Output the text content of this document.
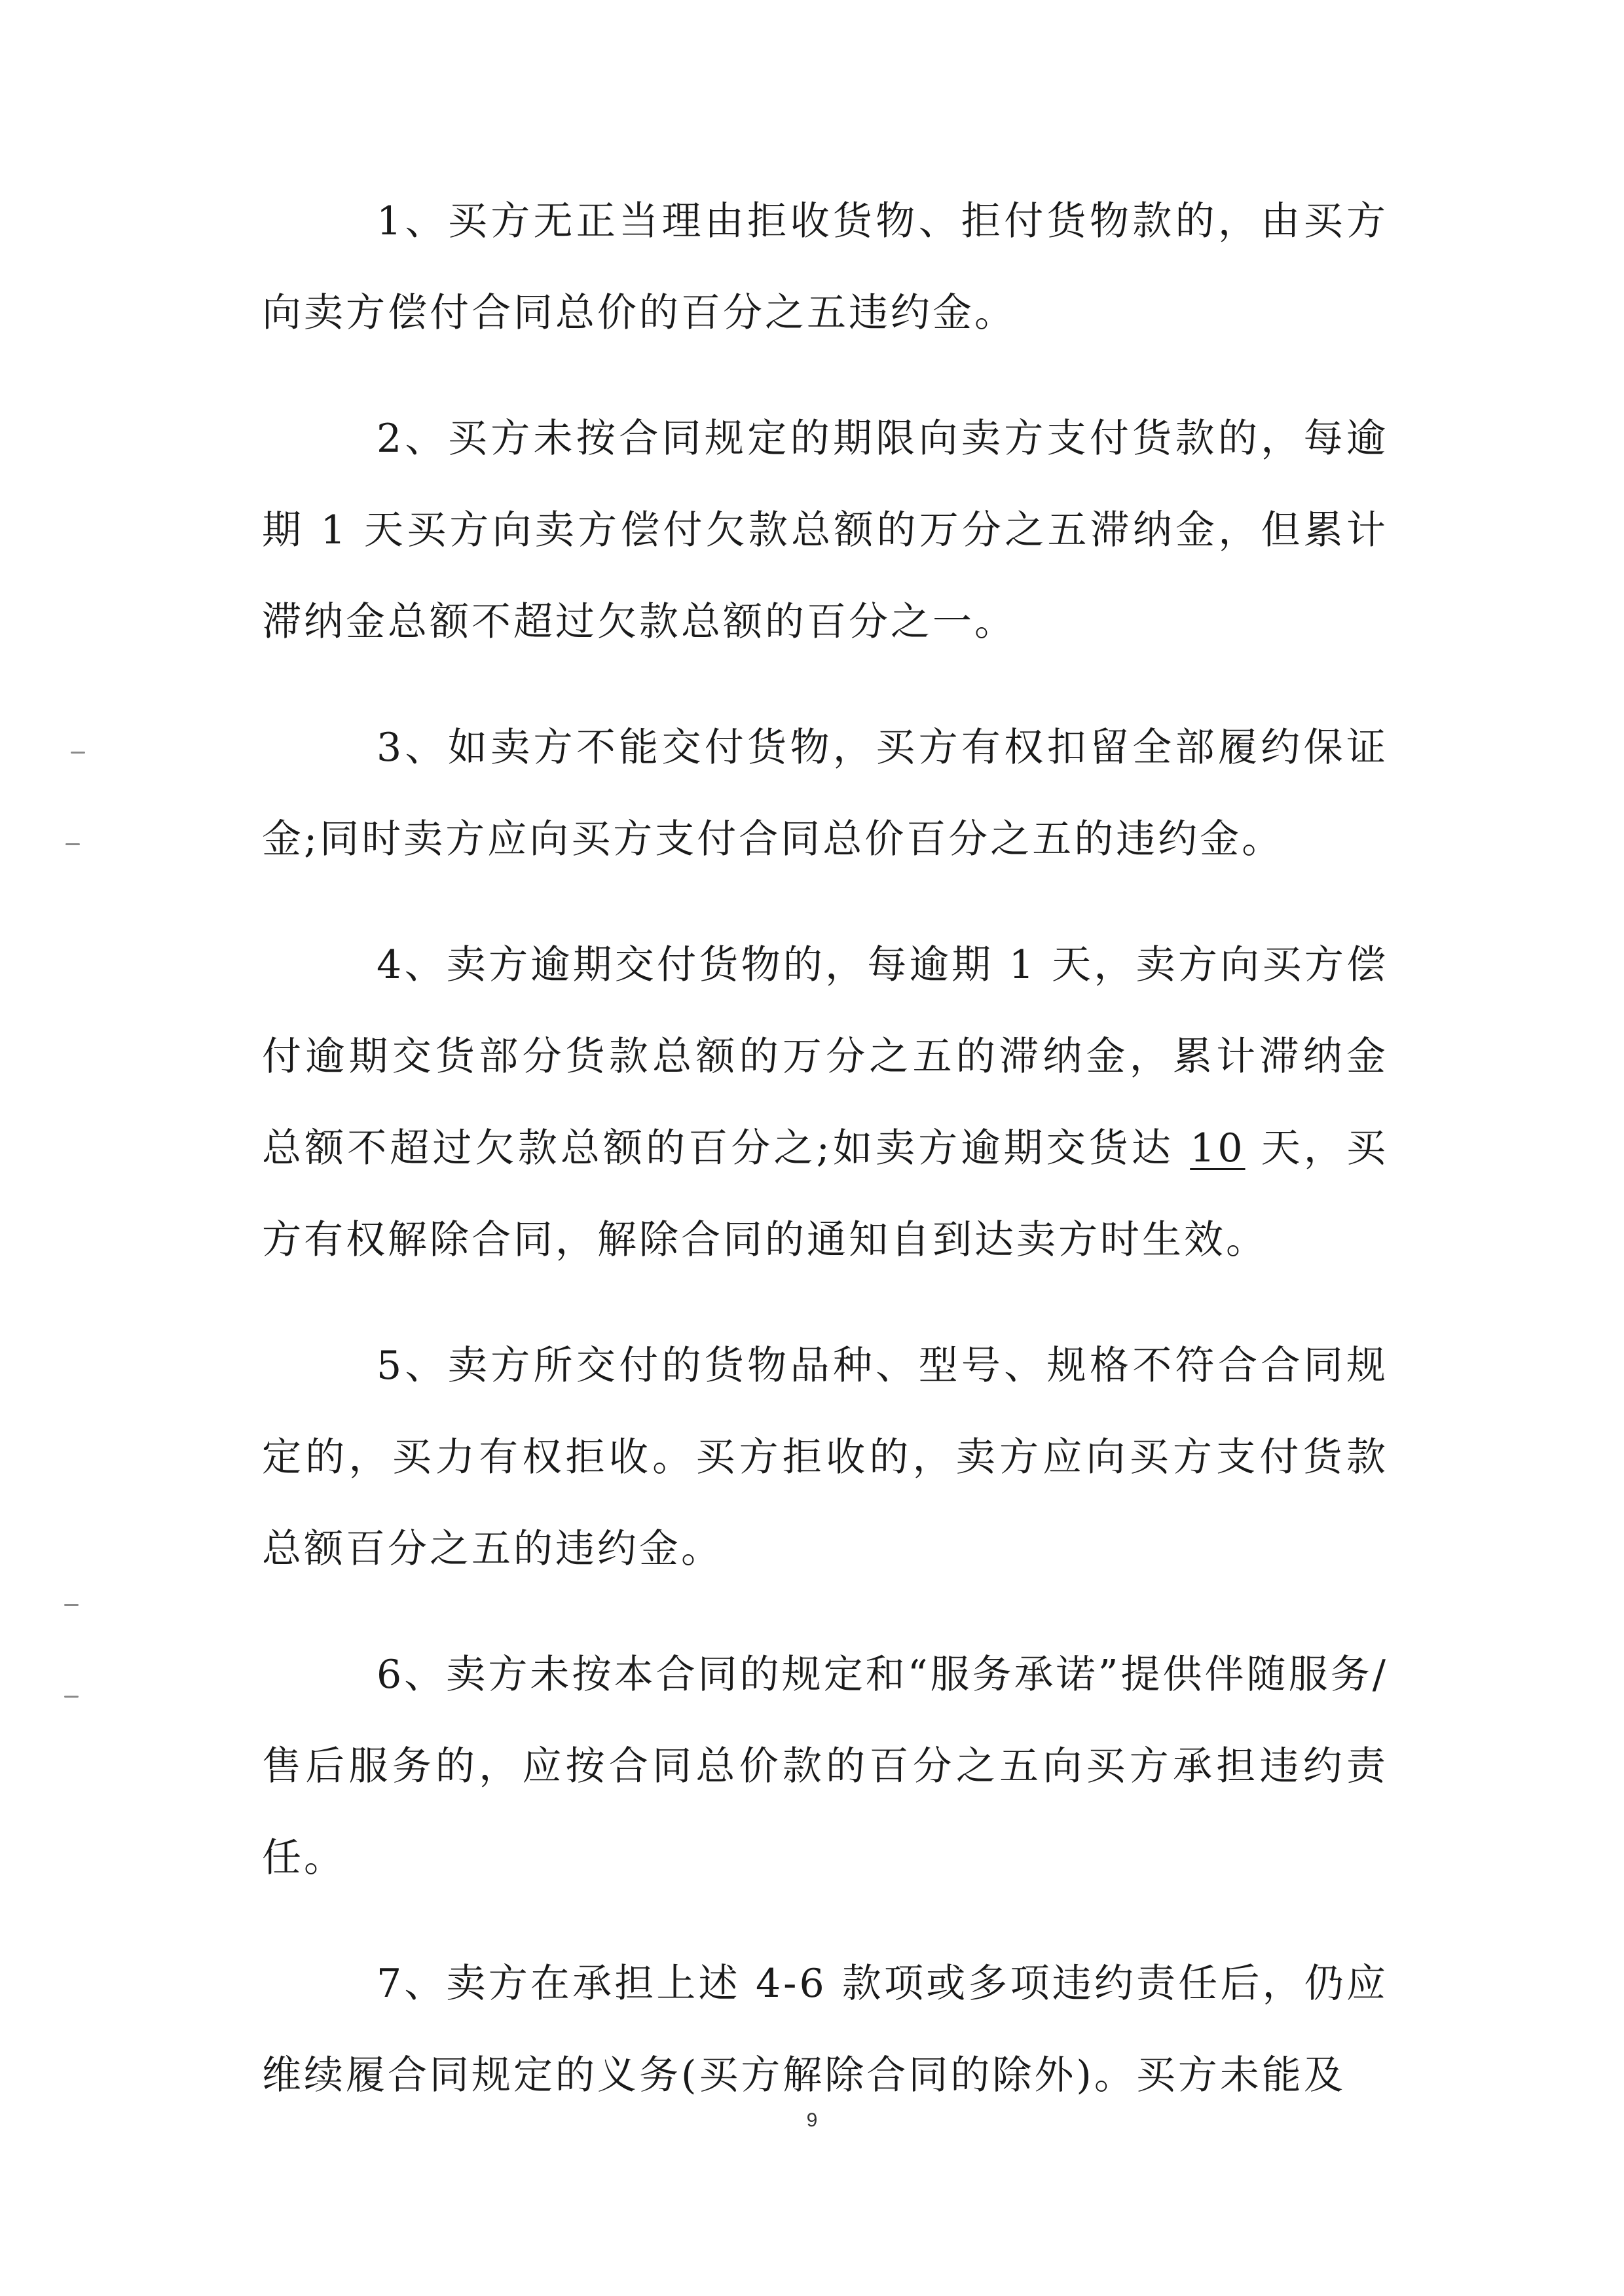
1、买方无正当理由拒收货物、拒付货物款的，由买方向卖方偿付合同总价的百分之五违约金。

2、买方未按合同规定的期限向卖方支付货款的，每逾期 1 天买方向卖方偿付欠款总额的万分之五滞纳金，但累计滞纳金总额不超过欠款总额的百分之一。

3、如卖方不能交付货物，买方有权扣留全部履约保证金;同时卖方应向买方支付合同总价百分之五的违约金。

4、卖方逾期交付货物的，每逾期 1 天，卖方向买方偿付逾期交货部分货款总额的万分之五的滞纳金，累计滞纳金总额不超过欠款总额的百分之;如卖方逾期交货达 10 天，买方有权解除合同，解除合同的通知自到达卖方时生效。

5、卖方所交付的货物品种、型号、规格不符合合同规定的，买力有权拒收。买方拒收的，卖方应向买方支付货款总额百分之五的违约金。

6、卖方未按本合同的规定和“服务承诺”提供伴随服务/售后服务的，应按合同总价款的百分之五向买方承担违约责任。

7、卖方在承担上述 4-6 款项或多项违约责任后，仍应维续履合同规定的义务(买方解除合同的除外)。买方未能及

9
